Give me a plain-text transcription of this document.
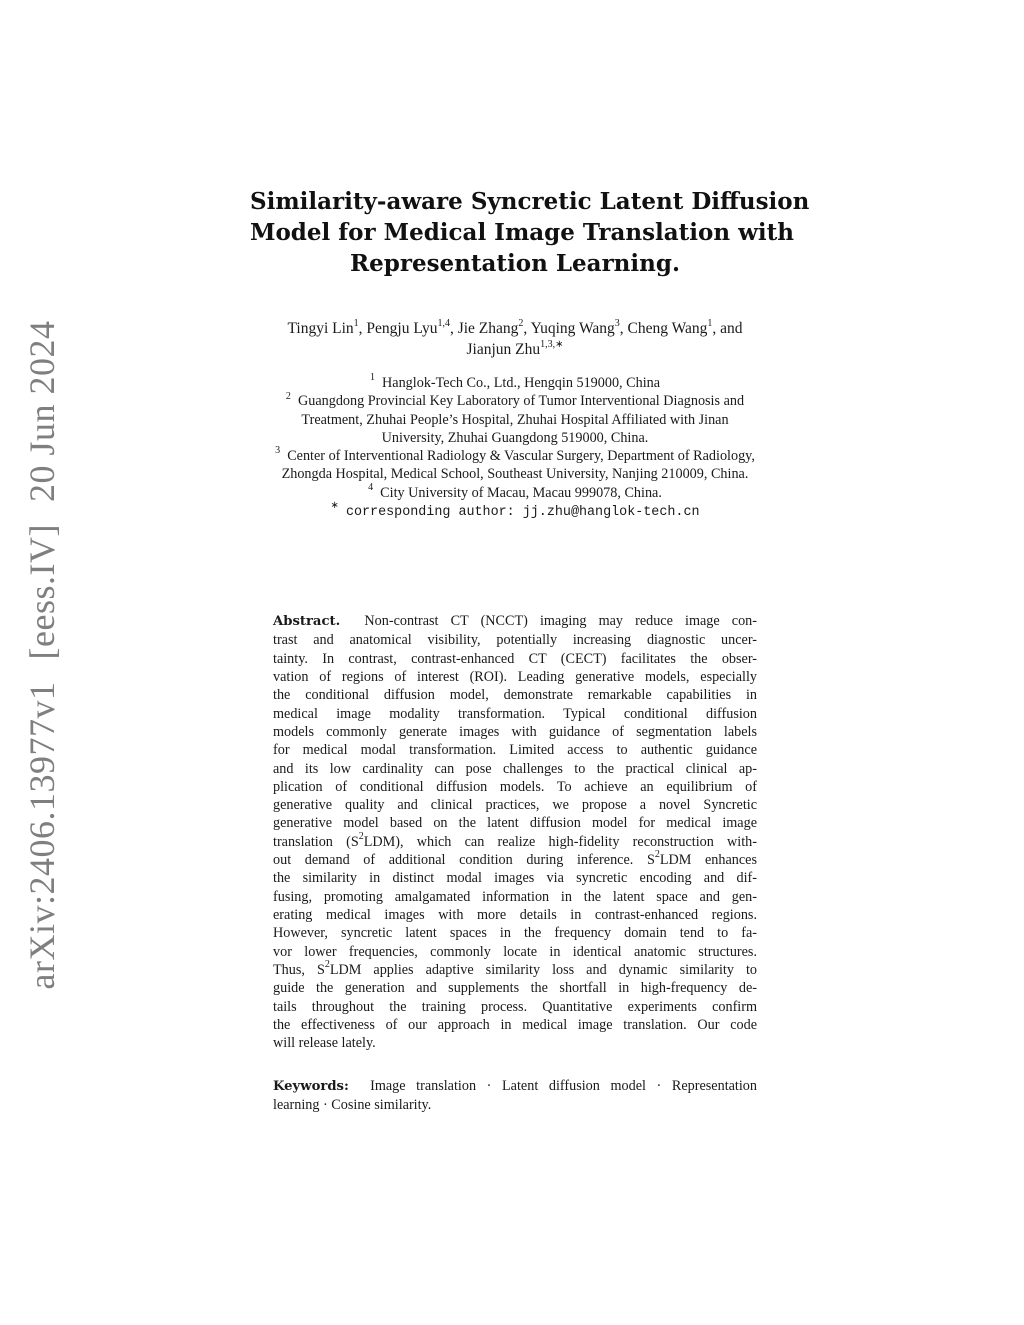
arXiv:2406.13977v1[eess.IV]20 Jun 2024
Similarity-aware Syncretic Latent Diffusion
Model for Medical Image Translation with
Representation Learning.
Tingyi Lin$^1$, Pengju Lyu$^{1,4}$, Jie Zhang$^2$, Yuqing Wang$^3$, Cheng Wang$^1$, and
Jianjun Zhu$^{1,3,∗}$
$^1$ Hanglok-Tech Co., Ltd., Hengqin 519000, China
$^2$ Guangdong Provincial Key Laboratory of Tumor Interventional Diagnosis and
Treatment, Zhuhai People’s Hospital, Zhuhai Hospital Affiliated with Jinan
University, Zhuhai Guangdong 519000, China.
$^3$ Center of Interventional Radiology & Vascular Surgery, Department of Radiology,
Zhongda Hospital, Medical School, Southeast University, Nanjing 210009, China.
$^4$ City University of Macau, Macau 999078, China.
∗ corresponding author: jj.zhu@hanglok-tech.cn
Abstract. Non-contrast CT (NCCT) imaging may reduce image con-
trast and anatomical visibility, potentially increasing diagnostic uncer-
tainty. In contrast, contrast-enhanced CT (CECT) facilitates the obser-
vation of regions of interest (ROI). Leading generative models, especially
the conditional diffusion model, demonstrate remarkable capabilities in
medical image modality transformation. Typical conditional diffusion
models commonly generate images with guidance of segmentation labels
for medical modal transformation. Limited access to authentic guidance
and its low cardinality can pose challenges to the practical clinical ap-
plication of conditional diffusion models. To achieve an equilibrium of
generative quality and clinical practices, we propose a novel Syncretic
generative model based on the latent diffusion model for medical image
translation $(S^2LDM)$, which can realize high-fidelity reconstruction with-
out demand of additional condition during inference. $S^2LDM$ enhances
the similarity in distinct modal images via syncretic encoding and dif-
fusing, promoting amalgamated information in the latent space and gen-
erating medical images with more details in contrast-enhanced regions.
However, syncretic latent spaces in the frequency domain tend to fa-
vor lower frequencies, commonly locate in identical anatomic structures.
Thus, $S^2LDM$ applies adaptive similarity loss and dynamic similarity to
guide the generation and supplements the shortfall in high-frequency de-
tails throughout the training process. Quantitative experiments confirm
the effectiveness of our approach in medical image translation. Our code
will release lately.
Keywords: Image translation · Latent diffusion model · Representation
learning · Cosine similarity.
